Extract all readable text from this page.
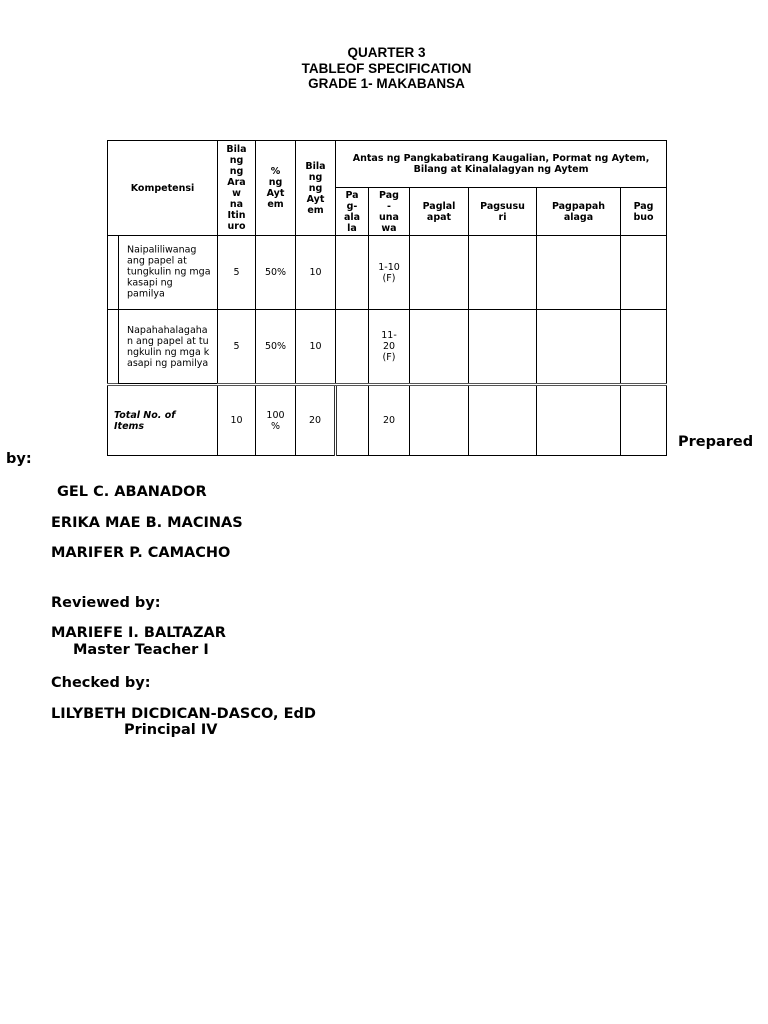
QUARTER 3
TABLEOF SPECIFICATION
GRADE 1- MAKABANSA
Kompetensi	Bila ng ng Ara w na Itin uro	% ng Ayt em	Bila ng ng Ayt em	Antas ng Pangkabatirang Kaugalian, Pormat ng Aytem, Bilang at Kinalalagyan ng Aytem					

				Pa g- ala la	Pag - una wa	Paglal apat	Pagsusu ri	Pagpapah alaga	Pag buo

Naipaliliwanag ang papel at tungkulin ng mga kasapi ng pamilya	5	50%	10		1-10 (F)				

Napahahalagahan ang papel at tungkulin ng mga kasapi ng pamilya	5	50%	10		11- 20 (F)				

Total No. of Items	10	100 %	20		20				
Prepared
by:
GEL C. ABANADOR
ERIKA MAE B. MACINAS
MARIFER P. CAMACHO
Reviewed by:
MARIEFE I. BALTAZAR
Master Teacher I
Checked by:
LILYBETH DICDICAN-DASCO, EdD
Principal IV
